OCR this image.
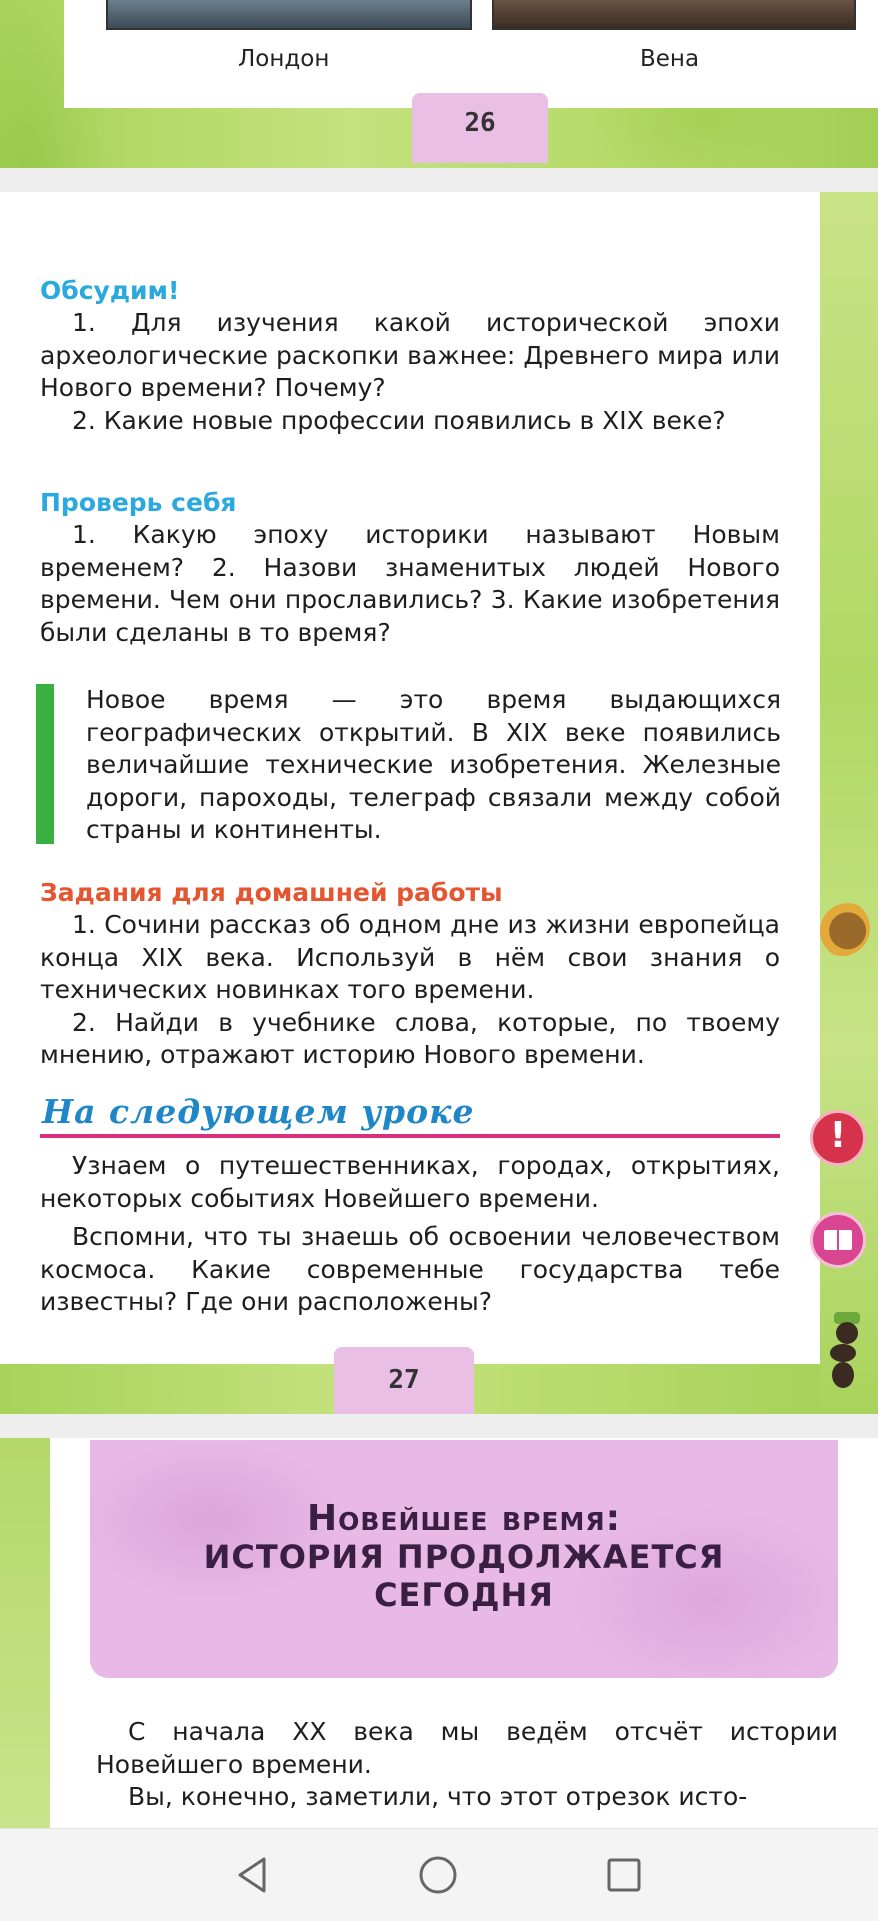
Лондон	Вена
26

Обсудим!

1. Для изучения какой исторической эпохи археологические раскопки важнее: Древнего мира или Нового времени? Почему?

2. Какие новые профессии появились в XIX веке?

Проверь себя

1. Какую эпоху историки называют Новым временем? 2. Назови знаменитых людей Нового времени. Чем они прославились? 3. Какие изобретения были сделаны в то время?

Новое время — это время выдающихся географических открытий. В XIX веке появились величайшие технические изобретения. Железные дороги, пароходы, телеграф связали между собой страны и континенты.

Задания для домашней работы

1. Сочини рассказ об одном дне из жизни европейца конца XIX века. Используй в нём свои знания о технических новинках того времени.

2. Найди в учебнике слова, которые, по твоему мнению, отражают историю Нового времени.

На следующем уроке

Узнаем о путешественниках, городах, открытиях, некоторых событиях Новейшего времени.

Вспомни, что ты знаешь об освоении человечеством космоса. Какие современные государства тебе известны? Где они расположены?

!
27
Новейшее время:
ИСТОРИЯ ПРОДОЛЖАЕТСЯ
СЕГОДНЯ

С начала XX века мы ведём отсчёт истории Новейшего времени.

Вы, конечно, заметили, что этот отрезок исто-
